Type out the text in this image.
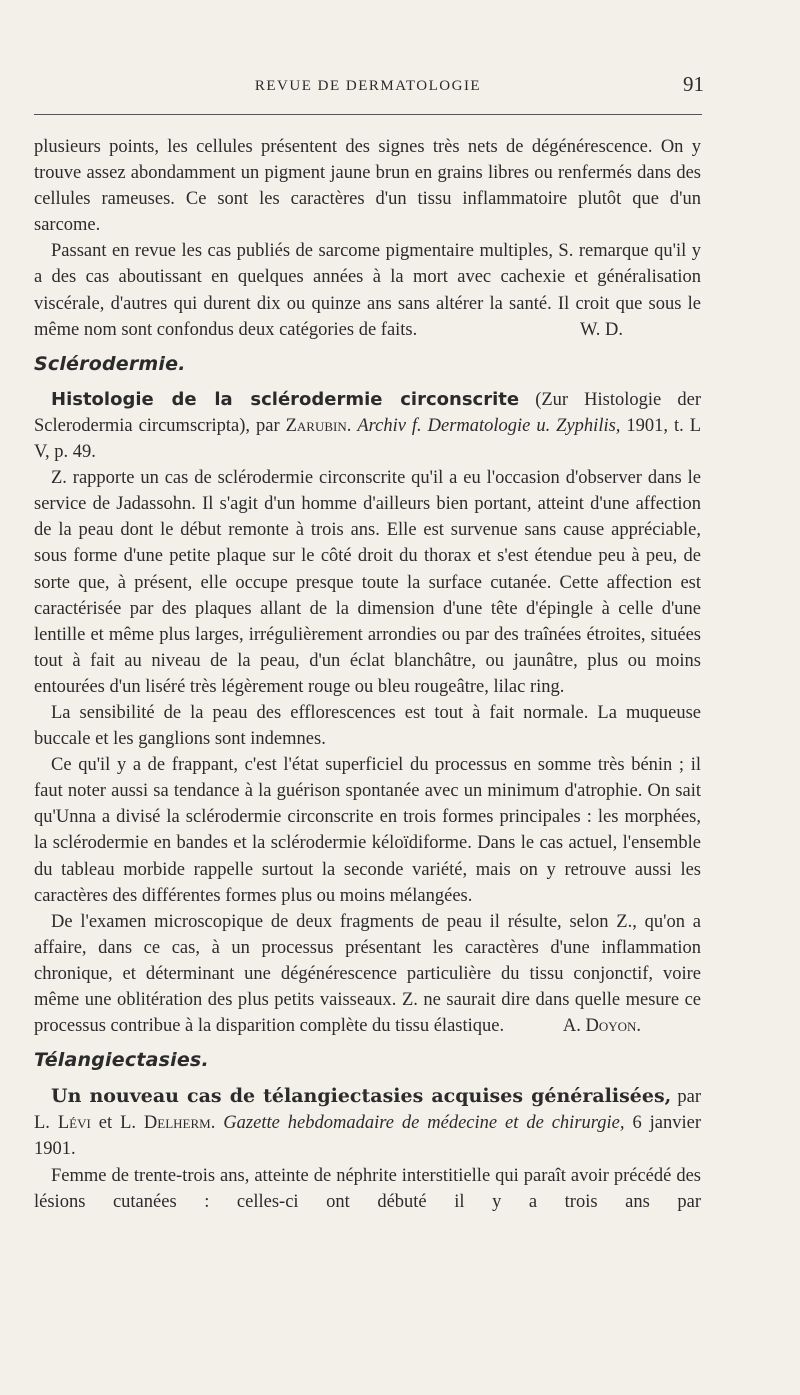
REVUE DE DERMATOLOGIE	91

plusieurs points, les cellules présentent des signes très nets de dégénérescence. On y trouve assez abondamment un pigment jaune brun en grains libres ou renfermés dans des cellules rameuses. Ce sont les caractères d'un tissu inflammatoire plutôt que d'un sarcome.

Passant en revue les cas publiés de sarcome pigmentaire multiples, S. remarque qu'il y a des cas aboutissant en quelques années à la mort avec cachexie et généralisation viscérale, d'autres qui durent dix ou quinze ans sans altérer la santé. Il croit que sous le même nom sont confondus deux catégories de faits.	W. D.

Sclérodermie.

Histologie de la sclérodermie circonscrite (Zur Histologie der Sclerodermia circumscripta), par Zarubin. Archiv f. Dermatologie u. Zyphilis, 1901, t. L V, p. 49.

Z. rapporte un cas de sclérodermie circonscrite qu'il a eu l'occasion d'observer dans le service de Jadassohn. Il s'agit d'un homme d'ailleurs bien portant, atteint d'une affection de la peau dont le début remonte à trois ans. Elle est survenue sans cause appréciable, sous forme d'une petite plaque sur le côté droit du thorax et s'est étendue peu à peu, de sorte que, à présent, elle occupe presque toute la surface cutanée. Cette affection est caractérisée par des plaques allant de la dimension d'une tête d'épingle à celle d'une lentille et même plus larges, irrégulièrement arrondies ou par des traînées étroites, situées tout à fait au niveau de la peau, d'un éclat blanchâtre, ou jaunâtre, plus ou moins entourées d'un liséré très légèrement rouge ou bleu rougeâtre, lilac ring.

La sensibilité de la peau des efflorescences est tout à fait normale. La muqueuse buccale et les ganglions sont indemnes.

Ce qu'il y a de frappant, c'est l'état superficiel du processus en somme très bénin ; il faut noter aussi sa tendance à la guérison spontanée avec un minimum d'atrophie. On sait qu'Unna a divisé la sclérodermie circonscrite en trois formes principales : les morphées, la sclérodermie en bandes et la sclérodermie kéloïdiforme. Dans le cas actuel, l'ensemble du tableau morbide rappelle surtout la seconde variété, mais on y retrouve aussi les caractères des différentes formes plus ou moins mélangées.

De l'examen microscopique de deux fragments de peau il résulte, selon Z., qu'on a affaire, dans ce cas, à un processus présentant les caractères d'une inflammation chronique, et déterminant une dégénérescence particulière du tissu conjonctif, voire même une oblitération des plus petits vaisseaux. Z. ne saurait dire dans quelle mesure ce processus contribue à la disparition complète du tissu élastique.	A. Doyon.

Télangiectasies.

Un nouveau cas de télangiectasies acquises généralisées, par L. Lévi et L. Delherm. Gazette hebdomadaire de médecine et de chirurgie, 6 janvier 1901.

Femme de trente-trois ans, atteinte de néphrite interstitielle qui paraît avoir précédé des lésions cutanées : celles-ci ont débuté il y a trois ans par
